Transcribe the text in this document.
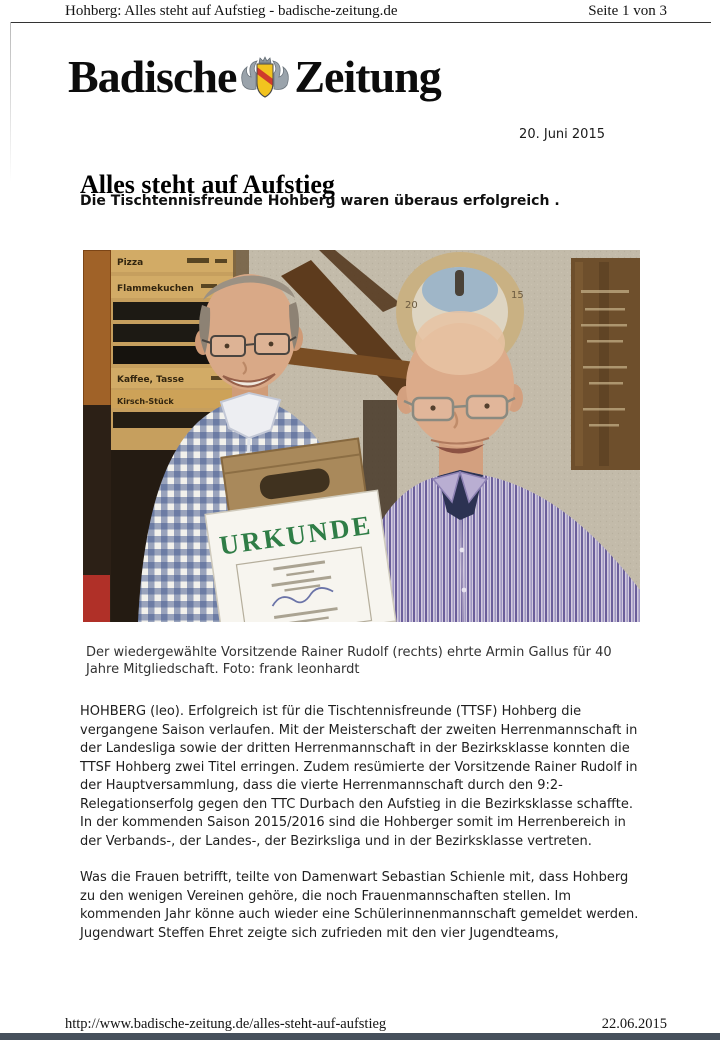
Hohberg: Alles steht auf Aufstieg - badische-zeitung.de	Seite 1 von 3
Badische Zeitung
20. Juni 2015
Alles steht auf Aufstieg
Die Tischtennisfreunde Hohberg waren überaus erfolgreich .
Pizza
Flammekuchen
Kaffee, Tasse
Kirsch-Stück
20
15
URKUNDE
Der wiedergewählte Vorsitzende Rainer Rudolf (rechts) ehrte Armin Gallus für 40 Jahre Mitgliedschaft. Foto: frank leonhardt

HOHBERG (leo). Erfolgreich ist für die Tischtennisfreunde (TTSF) Hohberg die vergangene Saison verlaufen. Mit der Meisterschaft der zweiten Herrenmannschaft in der Landesliga sowie der dritten Herrenmannschaft in der Bezirksklasse konnten die TTSF Hohberg zwei Titel erringen. Zudem resümierte der Vorsitzende Rainer Rudolf in der Hauptversammlung, dass die vierte Herrenmannschaft durch den 9:2-Relegationserfolg gegen den TTC Durbach den Aufstieg in die Bezirksklasse schaffte. In der kommenden Saison 2015/2016 sind die Hohberger somit im Herrenbereich in der Verbands-, der Landes-, der Bezirksliga und in der Bezirksklasse vertreten.

Was die Frauen betrifft, teilte von Damenwart Sebastian Schienle mit, dass Hohberg zu den wenigen Vereinen gehöre, die noch Frauenmannschaften stellen. Im kommenden Jahr könne auch wieder eine Schülerinnenmannschaft gemeldet werden. Jugendwart Steffen Ehret zeigte sich zufrieden mit den vier Jugendteams,

http://www.badische-zeitung.de/alles-steht-auf-aufstieg	22.06.2015
